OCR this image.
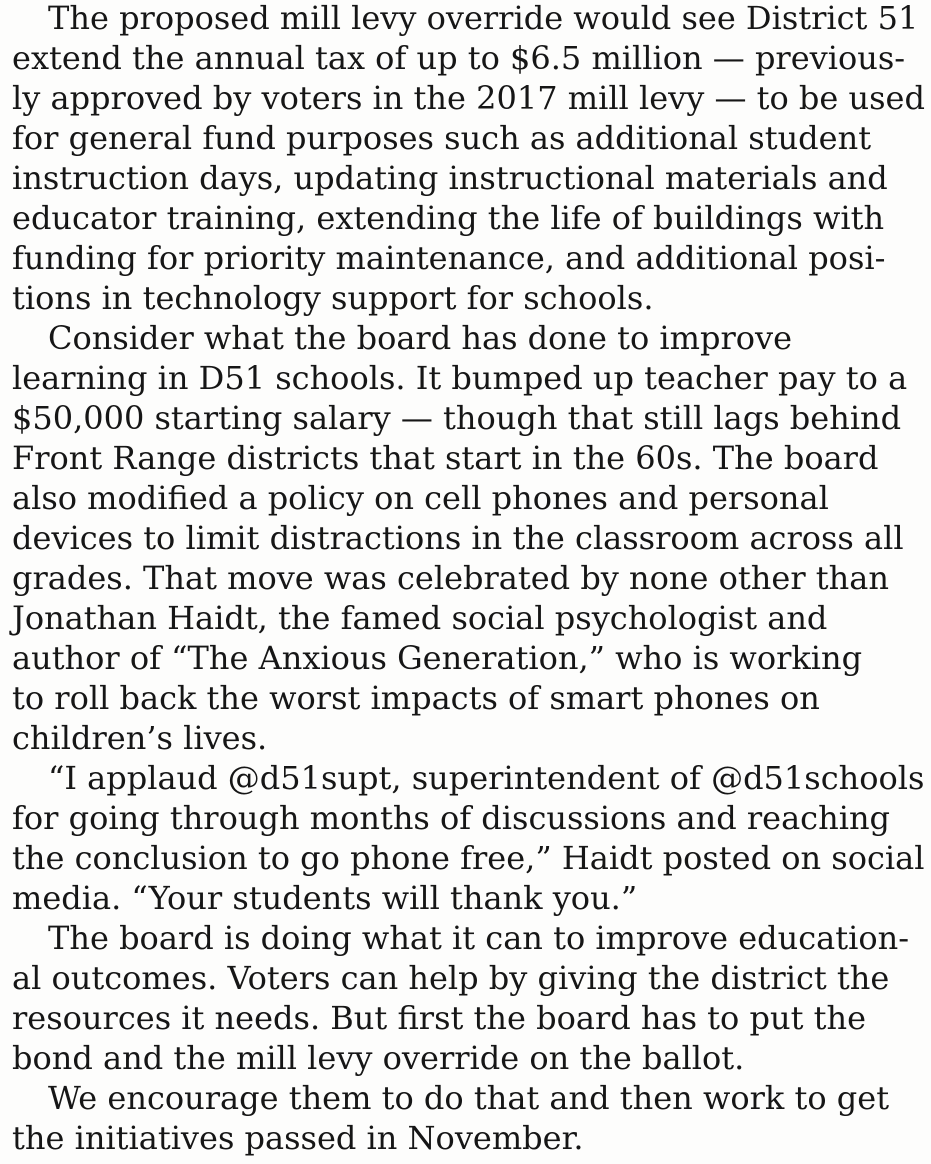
The proposed mill levy override would see District 51

extend the annual tax of up to $6.5 million — previous-

ly approved by voters in the 2017 mill levy — to be used

for general fund purposes such as additional student

instruction days, updating instructional materials and

educator training, extending the life of buildings with

funding for priority maintenance, and additional posi-

tions in technology support for schools.

Consider what the board has done to improve

learning in D51 schools. It bumped up teacher pay to a

$50,000 starting salary — though that still lags behind

Front Range districts that start in the 60s. The board

also modified a policy on cell phones and personal

devices to limit distractions in the classroom across all

grades. That move was celebrated by none other than

Jonathan Haidt, the famed social psychologist and

author of “The Anxious Generation,” who is working

to roll back the worst impacts of smart phones on

children’s lives.

“I applaud @d51supt, superintendent of @d51schools

for going through months of discussions and reaching

the conclusion to go phone free,” Haidt posted on social

media. “Your students will thank you.”

The board is doing what it can to improve education-

al outcomes. Voters can help by giving the district the

resources it needs. But first the board has to put the

bond and the mill levy override on the ballot.

We encourage them to do that and then work to get

the initiatives passed in November.
